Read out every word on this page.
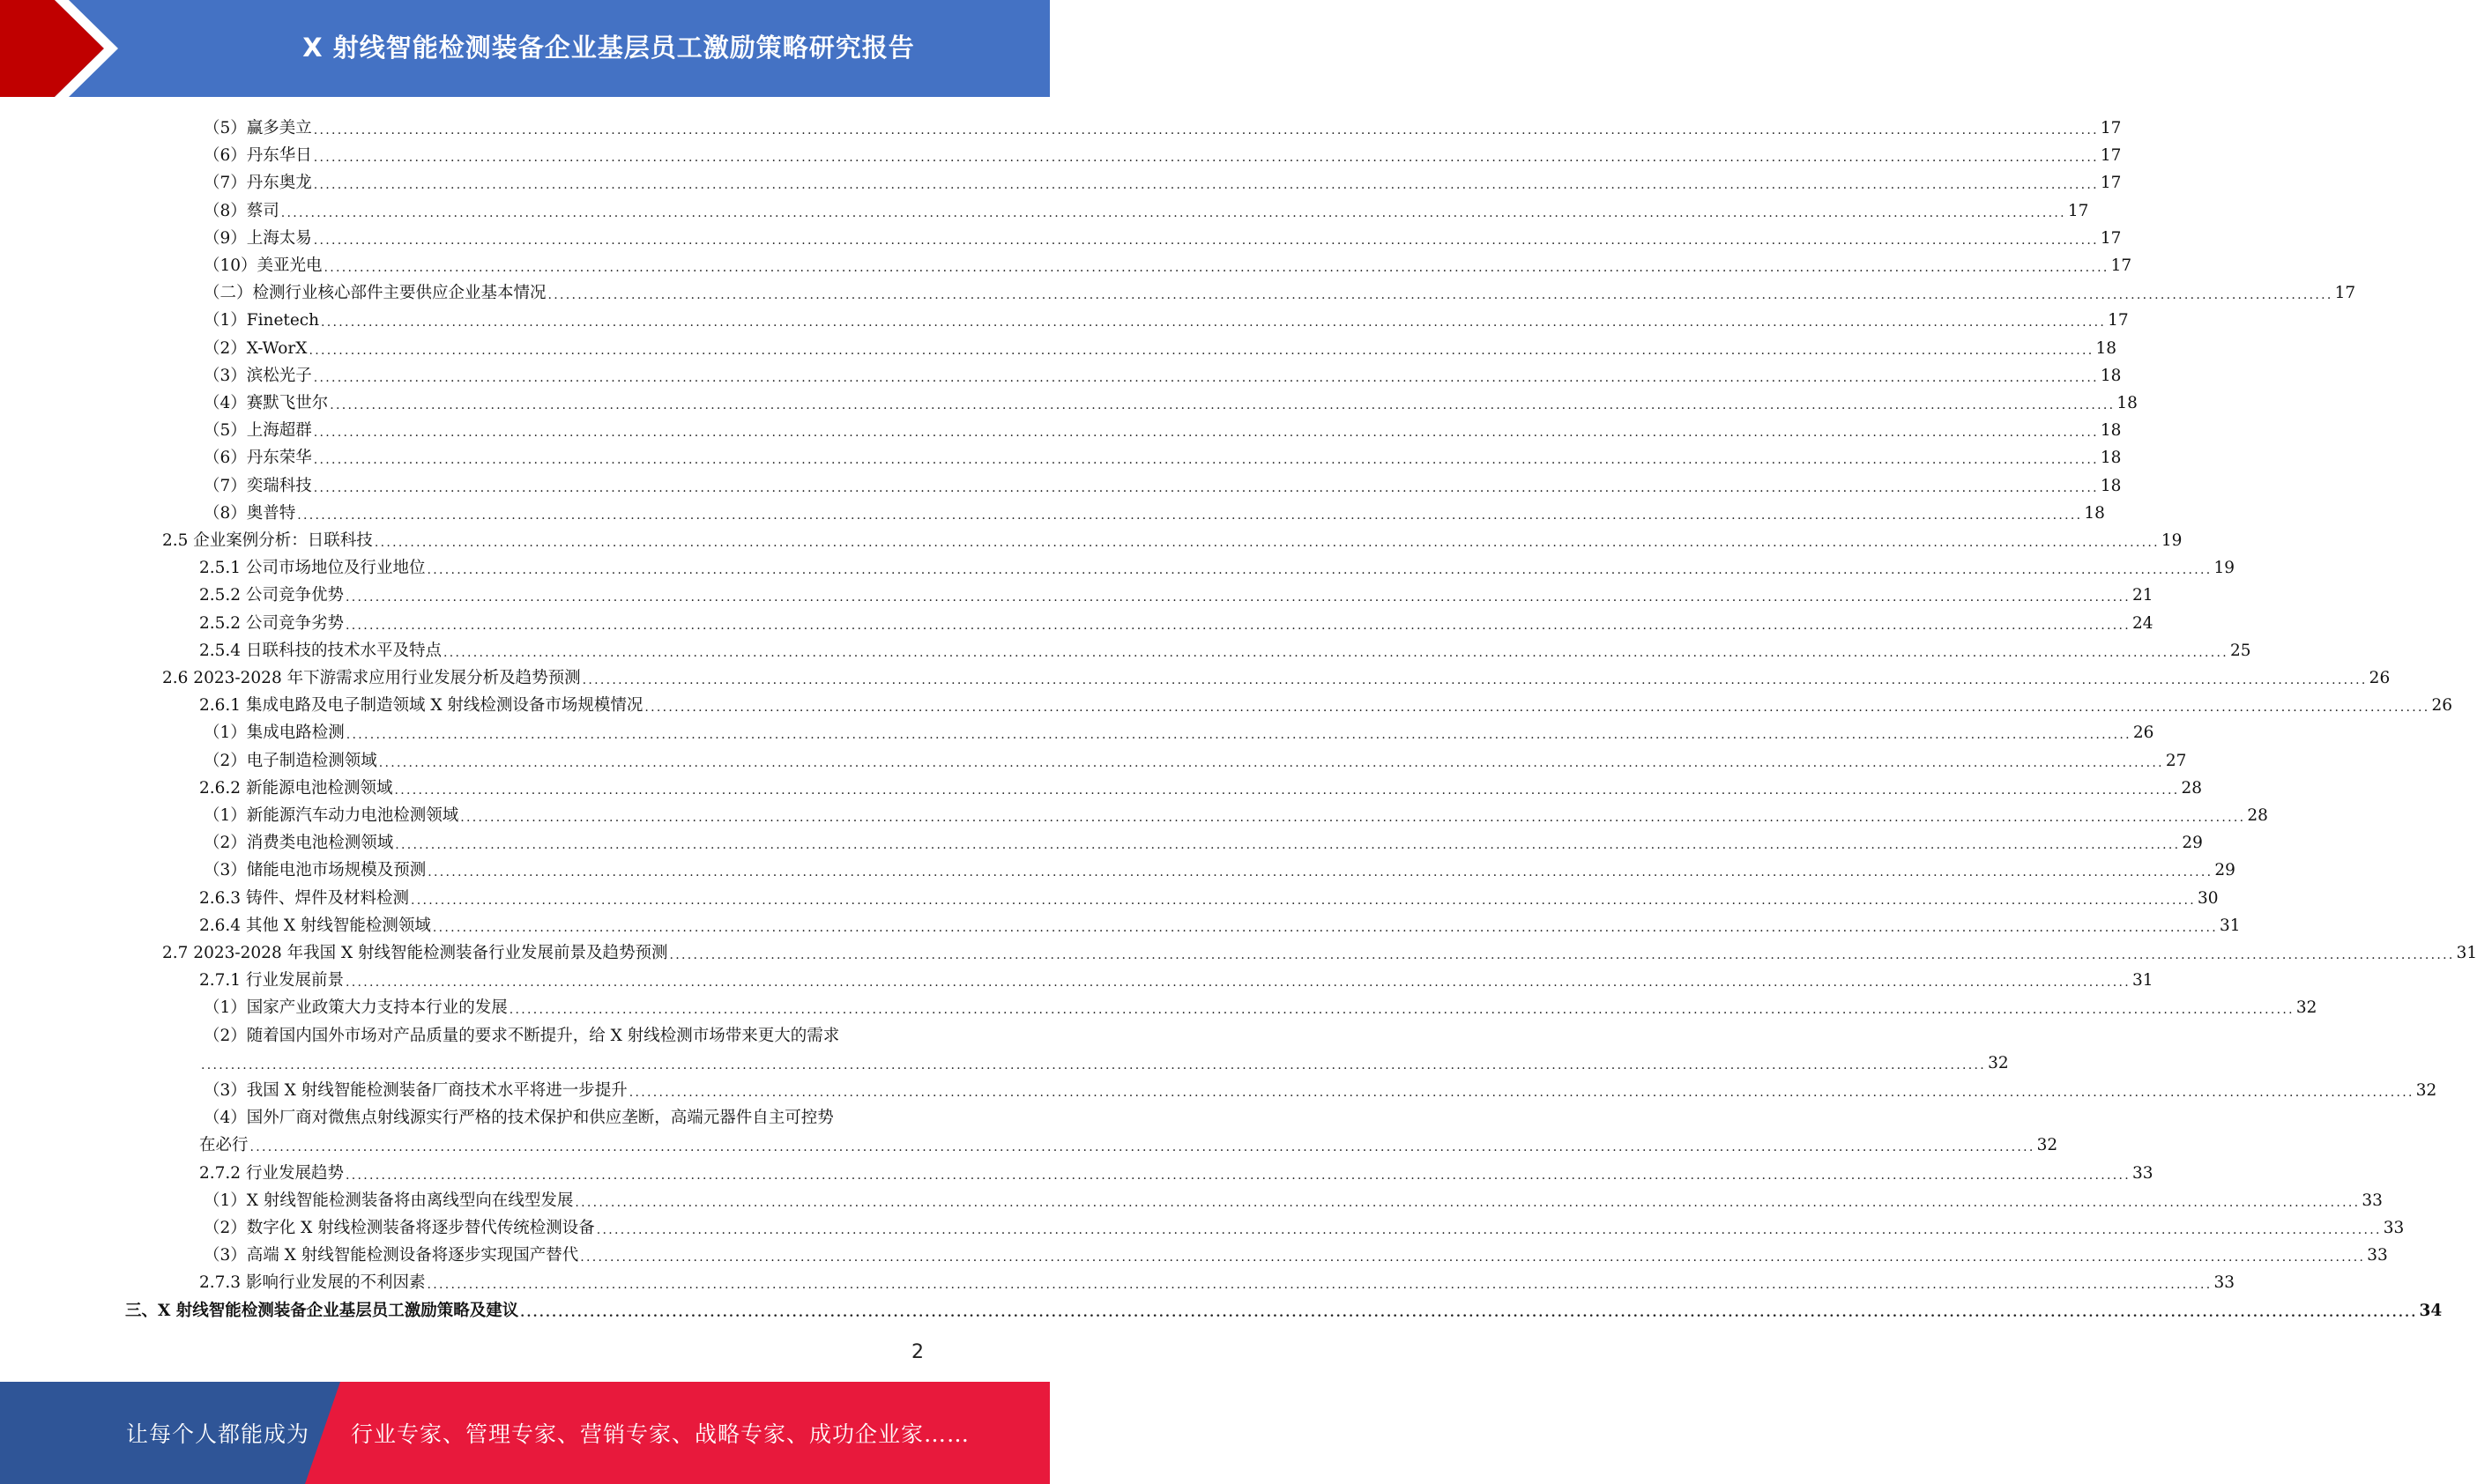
X 射线智能检测装备企业基层员工激励策略研究报告
（5）赢多美立 ............................................................................................................................................................................................................................................................................................................ 17
（6）丹东华日 ............................................................................................................................................................................................................................................................................................................ 17
（7）丹东奥龙 ............................................................................................................................................................................................................................................................................................................ 17
（8）蔡司 ............................................................................................................................................................................................................................................................................................................ 17
（9）上海太易 ............................................................................................................................................................................................................................................................................................................ 17
（10）美亚光电 ............................................................................................................................................................................................................................................................................................................ 17
（二）检测行业核心部件主要供应企业基本情况 ............................................................................................................................................................................................................................................................................................................ 17
（1）Finetech ............................................................................................................................................................................................................................................................................................................ 17
（2）X-WorX ............................................................................................................................................................................................................................................................................................................ 18
（3）滨松光子 ............................................................................................................................................................................................................................................................................................................ 18
（4）赛默飞世尔 ............................................................................................................................................................................................................................................................................................................ 18
（5）上海超群 ............................................................................................................................................................................................................................................................................................................ 18
（6）丹东荣华 ............................................................................................................................................................................................................................................................................................................ 18
（7）奕瑞科技 ............................................................................................................................................................................................................................................................................................................ 18
（8）奥普特 ............................................................................................................................................................................................................................................................................................................ 18
2.5 企业案例分析：日联科技 ............................................................................................................................................................................................................................................................................................................ 19
2.5.1 公司市场地位及行业地位 ............................................................................................................................................................................................................................................................................................................ 19
2.5.2 公司竞争优势 ............................................................................................................................................................................................................................................................................................................ 21
2.5.2 公司竞争劣势 ............................................................................................................................................................................................................................................................................................................ 24
2.5.4 日联科技的技术水平及特点 ............................................................................................................................................................................................................................................................................................................ 25
2.6 2023-2028 年下游需求应用行业发展分析及趋势预测 ............................................................................................................................................................................................................................................................................................................ 26
2.6.1 集成电路及电子制造领域 X 射线检测设备市场规模情况 ............................................................................................................................................................................................................................................................................................................ 26
（1）集成电路检测 ............................................................................................................................................................................................................................................................................................................ 26
（2）电子制造检测领域 ............................................................................................................................................................................................................................................................................................................ 27
2.6.2 新能源电池检测领域 ............................................................................................................................................................................................................................................................................................................ 28
（1）新能源汽车动力电池检测领域 ............................................................................................................................................................................................................................................................................................................ 28
（2）消费类电池检测领域 ............................................................................................................................................................................................................................................................................................................ 29
（3）储能电池市场规模及预测 ............................................................................................................................................................................................................................................................................................................ 29
2.6.3 铸件、焊件及材料检测 ............................................................................................................................................................................................................................................................................................................ 30
2.6.4 其他 X 射线智能检测领域 ............................................................................................................................................................................................................................................................................................................ 31
2.7 2023-2028 年我国 X 射线智能检测装备行业发展前景及趋势预测 ............................................................................................................................................................................................................................................................................................................ 31
2.7.1 行业发展前景 ............................................................................................................................................................................................................................................................................................................ 31
（1）国家产业政策大力支持本行业的发展 ............................................................................................................................................................................................................................................................................................................ 32
（2）随着国内国外市场对产品质量的要求不断提升，给 X 射线检测市场带来更大的需求
............................................................................................................................................................................................................................................................................................................ 32
（3）我国 X 射线智能检测装备厂商技术水平将进一步提升 ............................................................................................................................................................................................................................................................................................................ 32
（4）国外厂商对微焦点射线源实行严格的技术保护和供应垄断，高端元器件自主可控势
在必行 ............................................................................................................................................................................................................................................................................................................ 32
2.7.2 行业发展趋势 ............................................................................................................................................................................................................................................................................................................ 33
（1）X 射线智能检测装备将由离线型向在线型发展 ............................................................................................................................................................................................................................................................................................................ 33
（2）数字化 X 射线检测装备将逐步替代传统检测设备 ............................................................................................................................................................................................................................................................................................................ 33
（3）高端 X 射线智能检测设备将逐步实现国产替代 ............................................................................................................................................................................................................................................................................................................ 33
2.7.3 影响行业发展的不利因素 ............................................................................................................................................................................................................................................................................................................ 33
三、X 射线智能检测装备企业基层员工激励策略及建议 ............................................................................................................................................................................................................................................................................................................ 34
2
让每个人都能成为 行业专家、管理专家、营销专家、战略专家、成功企业家……
